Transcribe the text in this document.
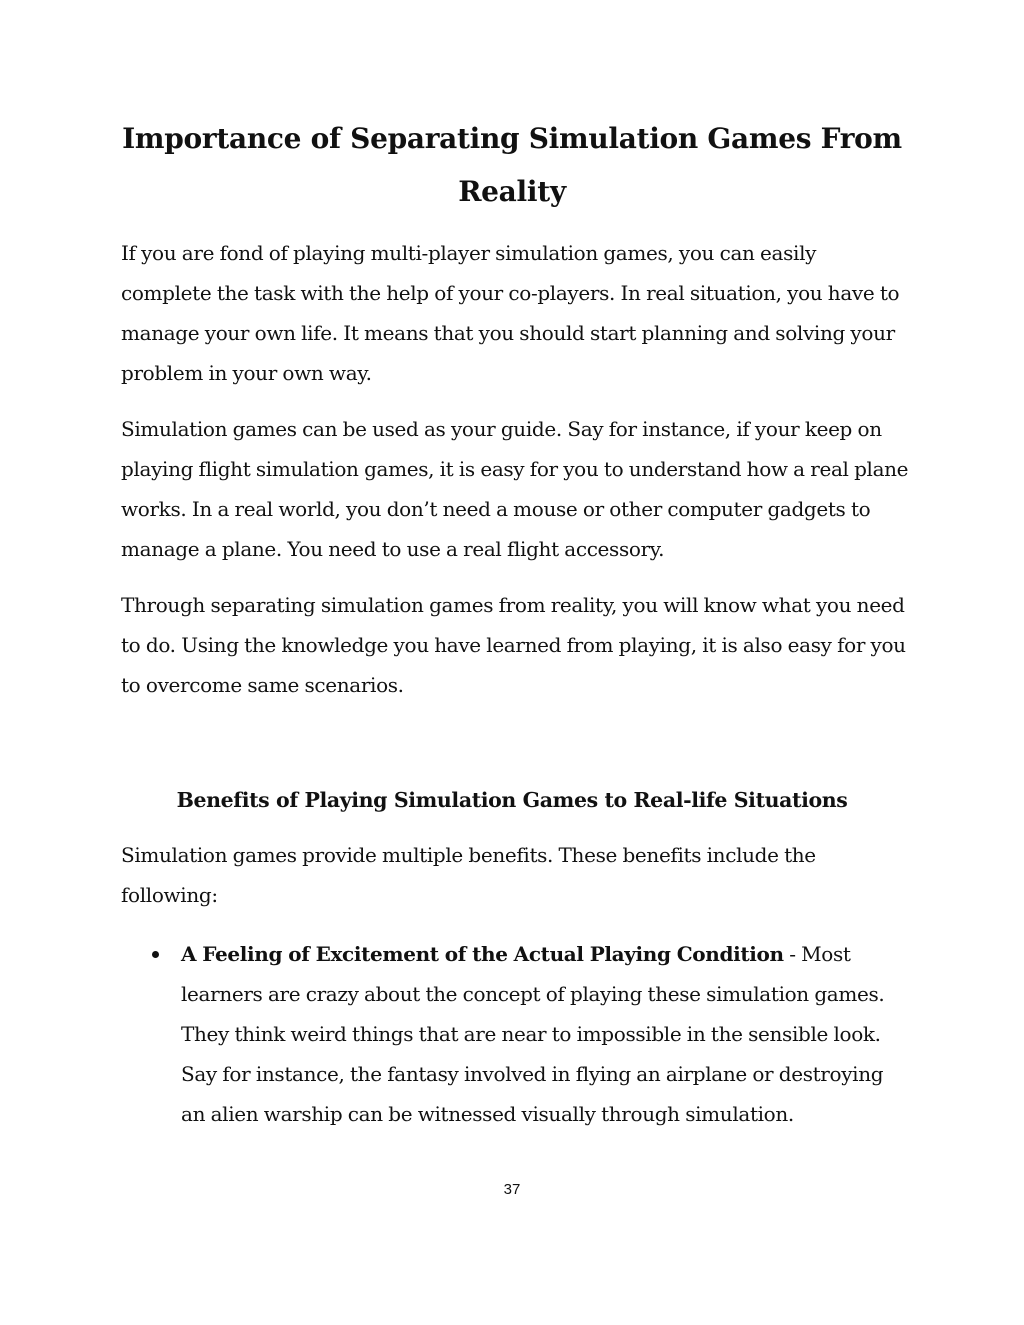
Importance of Separating Simulation Games From Reality

If you are fond of playing multi-player simulation games, you can easily complete the task with the help of your co-players. In real situation, you have to manage your own life. It means that you should start planning and solving your problem in your own way.

Simulation games can be used as your guide. Say for instance, if your keep on playing flight simulation games, it is easy for you to understand how a real plane works. In a real world, you don’t need a mouse or other computer gadgets to manage a plane. You need to use a real flight accessory.

Through separating simulation games from reality, you will know what you need to do. Using the knowledge you have learned from playing, it is also easy for you to overcome same scenarios.

Benefits of Playing Simulation Games to Real-life Situations

Simulation games provide multiple benefits. These benefits include the following:

A Feeling of Excitement of the Actual Playing Condition - Most learners are crazy about the concept of playing these simulation games. They think weird things that are near to impossible in the sensible look. Say for instance, the fantasy involved in flying an airplane or destroying an alien warship can be witnessed visually through simulation.
37
